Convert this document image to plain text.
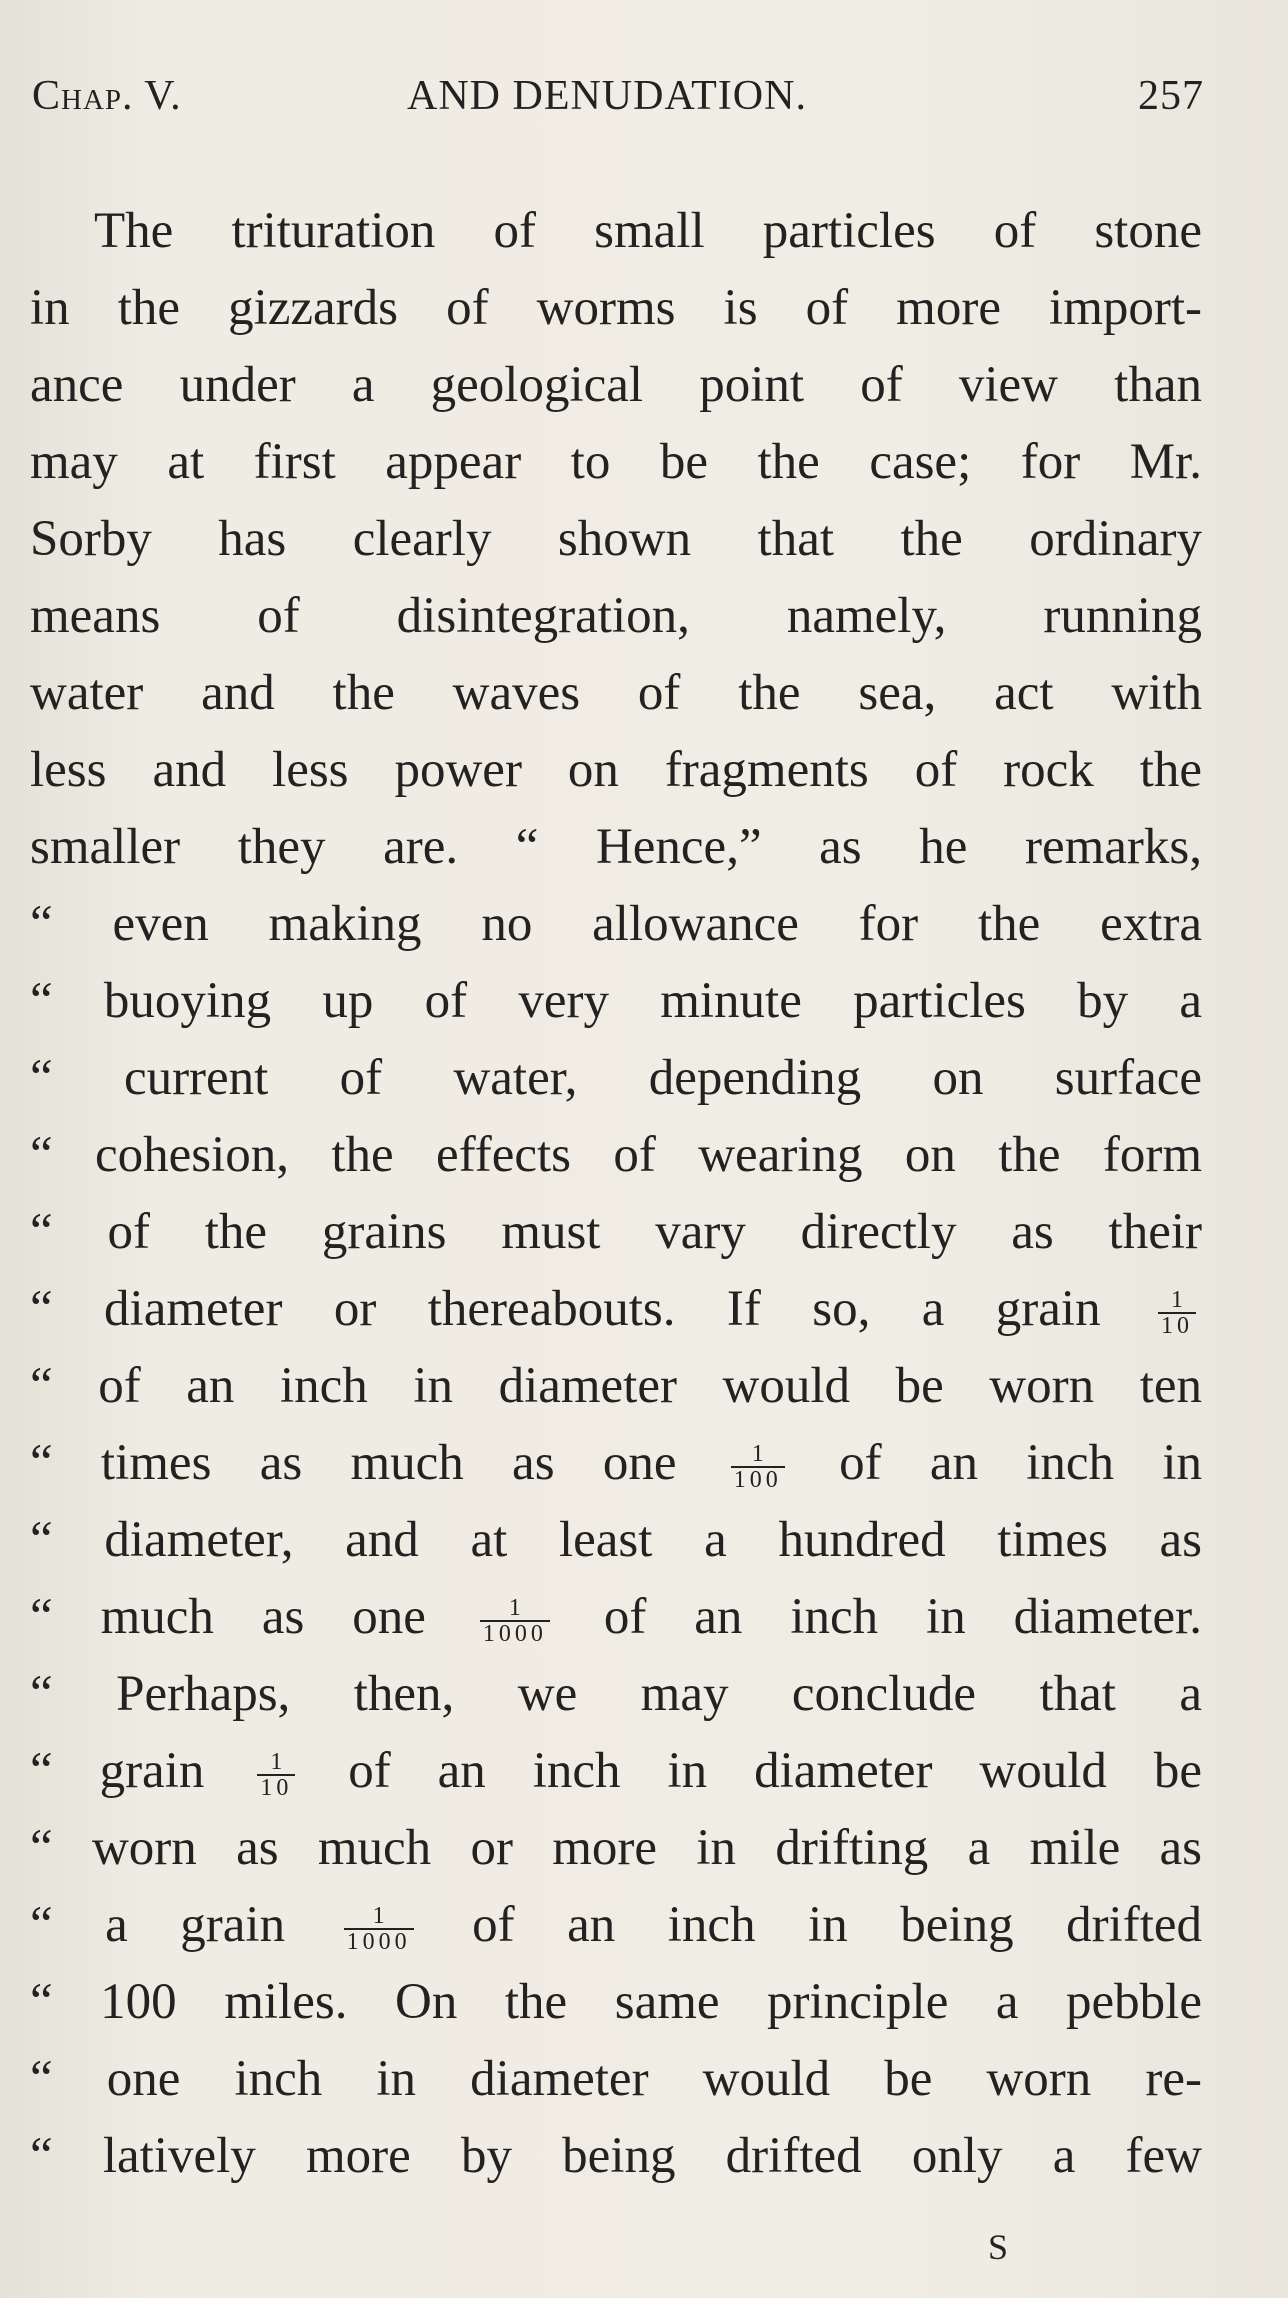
Chap. V.	AND DENUDATION.	257
The trituration of small particles of stone
in the gizzards of worms is of more import-
ance under a geological point of view than
may at first appear to be the case; for Mr.
Sorby has clearly shown that the ordinary
means of disintegration, namely, running
water and the waves of the sea, act with
less and less power on fragments of rock the
smaller they are. “ Hence,” as he remarks,
“ even making no allowance for the extra
“ buoying up of very minute particles by a
“ current of water, depending on surface
“ cohesion, the effects of wearing on the form
“ of the grains must vary directly as their
“ diameter or thereabouts. If so, a grain $\frac{1}{10}$
“ of an inch in diameter would be worn ten
“ times as much as one $\frac{1}{100}$ of an inch in
“ diameter, and at least a hundred times as
“ much as one $\frac{1}{1000}$ of an inch in diameter.
“ Perhaps, then, we may conclude that a
“ grain $\frac{1}{10}$ of an inch in diameter would be
“ worn as much or more in drifting a mile as
“ a grain $\frac{1}{1000}$ of an inch in being drifted
“ 100 miles. On the same principle a pebble
“ one inch in diameter would be worn re-
“ latively more by being drifted only a few
S
